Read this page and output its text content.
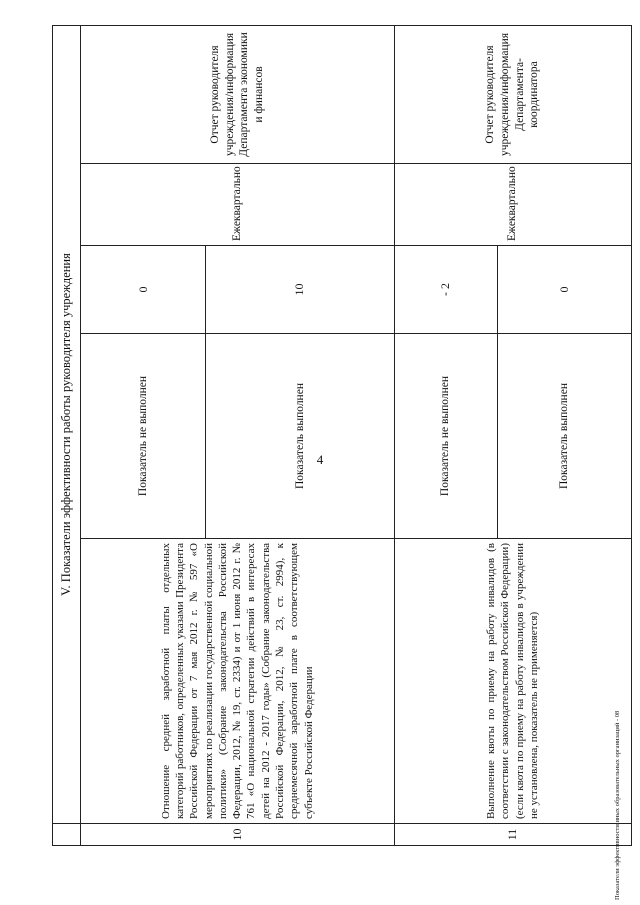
4
	V. Показатели эффективности работы руководителя учреждения				
10	Отношение средней заработной платы отдельных категорий работников, определенных указами Президента Российской Федерации от 7 мая 2012 г. № 597 «О мероприятиях по реализации государственной социальной политики» (Собрание законодательства Российской Федерации, 2012, № 19, ст. 2334) и от 1 июня 2012 г. № 761 «О национальной стратегии действий в интересах детей на 2012 - 2017 годы» (Собрание законодательства Российской Федерации, 2012, № 23, ст. 2994), к среднемесячной заработной плате в соответствующем субъекте Российской Федерации	Показатель не выполнен	0	Ежеквартально	Отчет руководителя учреждения/информация Департамента экономики и финансов
		Показатель выполнен	10		
11	Выполнение квоты по приему на работу инвалидов (в соответствии с законодательством Российской Федерации) (если квота по приему на работу инвалидов в учреждении не установлена, показатель не применяется)	Показатель не выполнен	- 2	Ежеквартально	Отчет руководителя учреждения/информация Департамента-координатора
		Показатель выполнен	0		
Показатели эффективности иных образовательных организаций - 08
